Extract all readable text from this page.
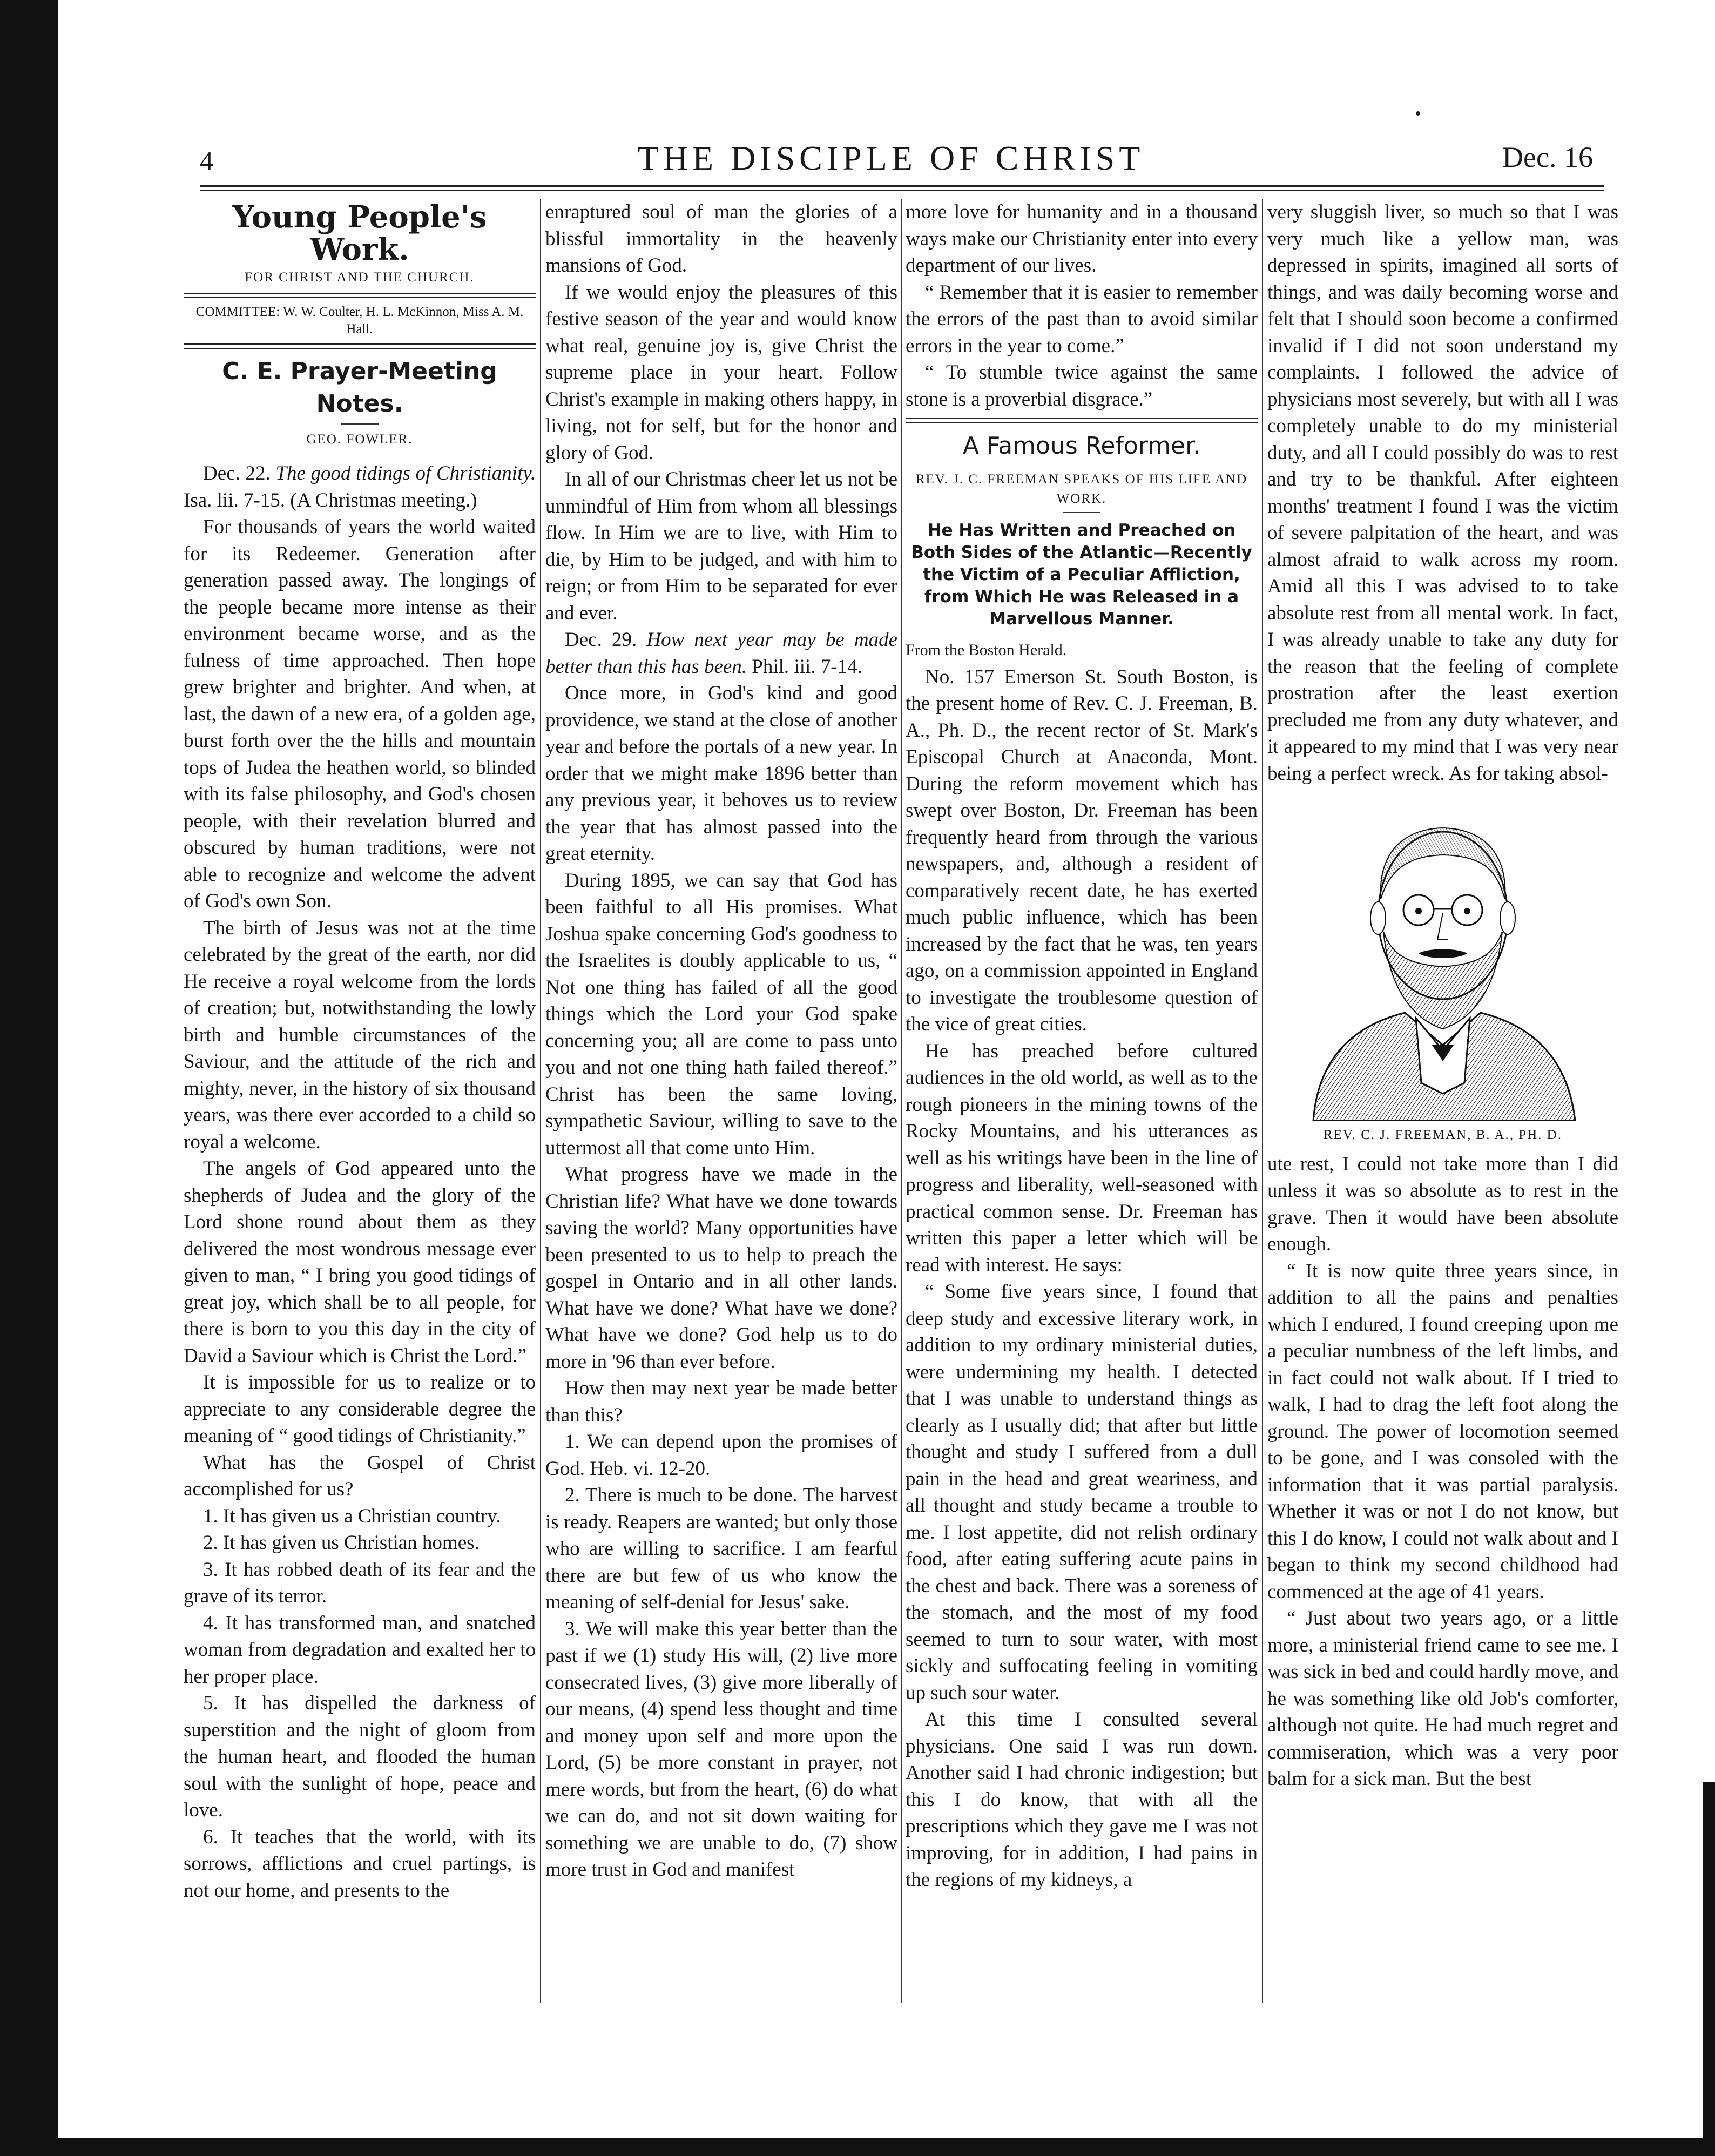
4	THE DISCIPLE OF CHRIST	Dec. 16
Young People's Work.
FOR CHRIST AND THE CHURCH.
COMMITTEE: W. W. Coulter, H. L. McKinnon, Miss A. M. Hall.
C. E. Prayer-Meeting Notes.
GEO. FOWLER.

Dec. 22. The good tidings of Christianity. Isa. lii. 7-15. (A Christmas meeting.)

For thousands of years the world waited for its Redeemer. Generation after generation passed away. The longings of the people became more intense as their environment became worse, and as the fulness of time approached. Then hope grew brighter and brighter. And when, at last, the dawn of a new era, of a golden age, burst forth over the the hills and mountain tops of Judea the heathen world, so blinded with its false philosophy, and God's chosen people, with their revelation blurred and obscured by human traditions, were not able to recognize and welcome the advent of God's own Son.

The birth of Jesus was not at the time celebrated by the great of the earth, nor did He receive a royal welcome from the lords of creation; but, notwithstanding the lowly birth and humble circumstances of the Saviour, and the attitude of the rich and mighty, never, in the history of six thousand years, was there ever accorded to a child so royal a welcome.

The angels of God appeared unto the shepherds of Judea and the glory of the Lord shone round about them as they delivered the most wondrous message ever given to man, “ I bring you good tidings of great joy, which shall be to all people, for there is born to you this day in the city of David a Saviour which is Christ the Lord.”

It is impossible for us to realize or to appreciate to any considerable degree the meaning of “ good tidings of Christianity.”

What has the Gospel of Christ accomplished for us?

1. It has given us a Christian country.

2. It has given us Christian homes.

3. It has robbed death of its fear and the grave of its terror.

4. It has transformed man, and snatched woman from degradation and exalted her to her proper place.

5. It has dispelled the darkness of superstition and the night of gloom from the human heart, and flooded the human soul with the sunlight of hope, peace and love.

6. It teaches that the world, with its sorrows, afflictions and cruel partings, is not our home, and presents to the

enraptured soul of man the glories of a blissful immortality in the heavenly mansions of God.

If we would enjoy the pleasures of this festive season of the year and would know what real, genuine joy is, give Christ the supreme place in your heart. Follow Christ's example in making others happy, in living, not for self, but for the honor and glory of God.

In all of our Christmas cheer let us not be unmindful of Him from whom all blessings flow. In Him we are to live, with Him to die, by Him to be judged, and with him to reign; or from Him to be separated for ever and ever.

Dec. 29. How next year may be made better than this has been. Phil. iii. 7-14.

Once more, in God's kind and good providence, we stand at the close of another year and before the portals of a new year. In order that we might make 1896 better than any previous year, it behoves us to review the year that has almost passed into the great eternity.

During 1895, we can say that God has been faithful to all His promises. What Joshua spake concerning God's goodness to the Israelites is doubly applicable to us, “ Not one thing has failed of all the good things which the Lord your God spake concerning you; all are come to pass unto you and not one thing hath failed thereof.” Christ has been the same loving, sympathetic Saviour, willing to save to the uttermost all that come unto Him.

What progress have we made in the Christian life? What have we done towards saving the world? Many opportunities have been presented to us to help to preach the gospel in Ontario and in all other lands. What have we done? What have we done? What have we done? God help us to do more in '96 than ever before.

How then may next year be made better than this?

1. We can depend upon the promises of God. Heb. vi. 12-20.

2. There is much to be done. The harvest is ready. Reapers are wanted; but only those who are willing to sacrifice. I am fearful there are but few of us who know the meaning of self-denial for Jesus' sake.

3. We will make this year better than the past if we (1) study His will, (2) live more consecrated lives, (3) give more liberally of our means, (4) spend less thought and time and money upon self and more upon the Lord, (5) be more constant in prayer, not mere words, but from the heart, (6) do what we can do, and not sit down waiting for something we are unable to do, (7) show more trust in God and manifest

more love for humanity and in a thousand ways make our Christianity enter into every department of our lives.

“ Remember that it is easier to remember the errors of the past than to avoid similar errors in the year to come.”

“ To stumble twice against the same stone is a proverbial disgrace.”

A Famous Reformer.
REV. J. C. FREEMAN SPEAKS OF HIS LIFE AND WORK.
He Has Written and Preached on Both Sides of the Atlantic—Recently the Victim of a Peculiar Affliction, from Which He was Released in a Marvellous Manner.

From the Boston Herald.

No. 157 Emerson St. South Boston, is the present home of Rev. C. J. Freeman, B. A., Ph. D., the recent rector of St. Mark's Episcopal Church at Anaconda, Mont. During the reform movement which has swept over Boston, Dr. Freeman has been frequently heard from through the various newspapers, and, although a resident of comparatively recent date, he has exerted much public influence, which has been increased by the fact that he was, ten years ago, on a commission appointed in England to investigate the troublesome question of the vice of great cities.

He has preached before cultured audiences in the old world, as well as to the rough pioneers in the mining towns of the Rocky Mountains, and his utterances as well as his writings have been in the line of progress and liberality, well-seasoned with practical common sense. Dr. Freeman has written this paper a letter which will be read with interest. He says:

“ Some five years since, I found that deep study and excessive literary work, in addition to my ordinary ministerial duties, were undermining my health. I detected that I was unable to understand things as clearly as I usually did; that after but little thought and study I suffered from a dull pain in the head and great weariness, and all thought and study became a trouble to me. I lost appetite, did not relish ordinary food, after eating suffering acute pains in the chest and back. There was a soreness of the stomach, and the most of my food seemed to turn to sour water, with most sickly and suffocating feeling in vomiting up such sour water.

At this time I consulted several physicians. One said I was run down. Another said I had chronic indigestion; but this I do know, that with all the prescriptions which they gave me I was not improving, for in addition, I had pains in the regions of my kidneys, a

very sluggish liver, so much so that I was very much like a yellow man, was depressed in spirits, imagined all sorts of things, and was daily becoming worse and felt that I should soon become a confirmed invalid if I did not soon understand my complaints. I followed the advice of physicians most severely, but with all I was completely unable to do my ministerial duty, and all I could possibly do was to rest and try to be thankful. After eighteen months' treatment I found I was the victim of severe palpitation of the heart, and was almost afraid to walk across my room. Amid all this I was advised to to take absolute rest from all mental work. In fact, I was already unable to take any duty for the reason that the feeling of complete prostration after the least exertion precluded me from any duty whatever, and it appeared to my mind that I was very near being a perfect wreck. As for taking absol-

REV. C. J. FREEMAN, B. A., PH. D.

ute rest, I could not take more than I did unless it was so absolute as to rest in the grave. Then it would have been absolute enough.

“ It is now quite three years since, in addition to all the pains and penalties which I endured, I found creeping upon me a peculiar numbness of the left limbs, and in fact could not walk about. If I tried to walk, I had to drag the left foot along the ground. The power of locomotion seemed to be gone, and I was consoled with the information that it was partial paralysis. Whether it was or not I do not know, but this I do know, I could not walk about and I began to think my second childhood had commenced at the age of 41 years.

“ Just about two years ago, or a little more, a ministerial friend came to see me. I was sick in bed and could hardly move, and he was something like old Job's comforter, although not quite. He had much regret and commiseration, which was a very poor balm for a sick man. But the best
